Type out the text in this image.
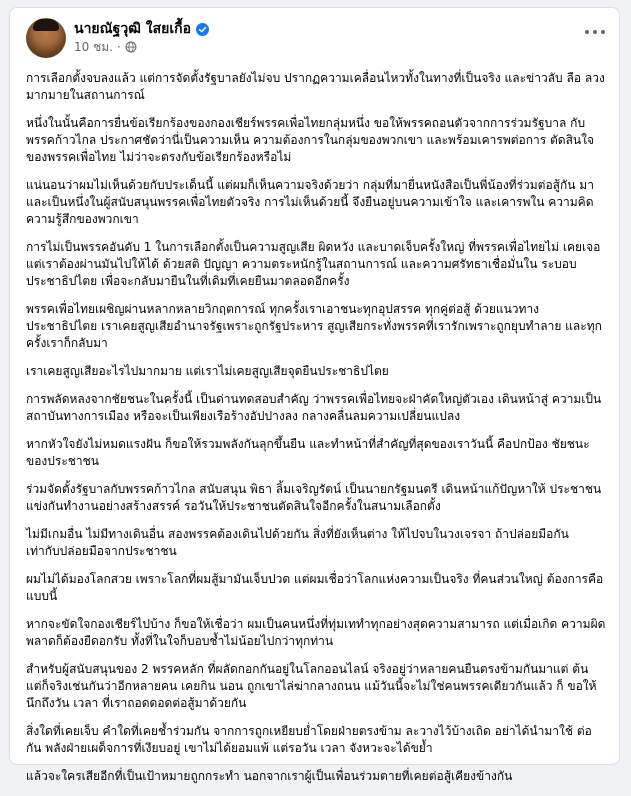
นายณัฐวุฒิ ใสยเกื้อ
10 ชม. ·

การเลือกตั้งจบลงแล้ว แต่การจัดตั้งรัฐบาลยังไม่จบ ปรากฏความเคลื่อนไหวทั้งในทางที่เป็นจริง และข่าวลับ ลือ ลวง มากมายในสถานการณ์

หนึ่งในนั้นคือการยื่นข้อเรียกร้องของกองเชียร์พรรคเพื่อไทยกลุ่มหนึ่ง ขอให้พรรคถอนตัวจากการร่วมรัฐบาล กับพรรคก้าวไกล ประกาศชัดว่านี่เป็นความเห็น ความต้องการในกลุ่มของพวกเขา และพร้อมเคารพต่อการ ตัดสินใจของพรรคเพื่อไทย ไม่ว่าจะตรงกับข้อเรียกร้องหรือไม่

แน่นอนว่าผมไม่เห็นด้วยกับประเด็นนี้ แต่ผมก็เห็นความจริงด้วยว่า กลุ่มที่มายื่นหนังสือเป็นพี่น้องที่ร่วมต่อสู้กัน มา และเป็นหนึ่งในผู้สนับสนุนพรรคเพื่อไทยตัวจริง การไม่เห็นด้วยนี้ จึงยืนอยู่บนความเข้าใจ และเคารพใน ความคิด ความรู้สึกของพวกเขา

การไม่เป็นพรรคอันดับ 1 ในการเลือกตั้งเป็นความสูญเสีย ผิดหวัง และบาดเจ็บครั้งใหญ่ ที่พรรคเพื่อไทยไม่ เคยเจอ แต่เราต้องผ่านมันไปให้ได้ ด้วยสติ ปัญญา ความตระหนักรู้ในสถานการณ์ และความศรัทธาเชื่อมั่นใน ระบอบประชาธิปไตย เพื่อจะกลับมายืนในที่เดิมที่เคยยืนมาตลอดอีกครั้ง

พรรคเพื่อไทยเผชิญผ่านหลากหลายวิกฤตการณ์ ทุกครั้งเราเอาชนะทุกอุปสรรค ทุกคู่ต่อสู้ ด้วยแนวทาง ประชาธิปไตย เราเคยสูญเสียอำนาจรัฐเพราะถูกรัฐประหาร สูญเสียกระทั่งพรรคที่เรารักเพราะถูกยุบทำลาย และทุกครั้งเราก็กลับมา

เราเคยสูญเสียอะไรไปมากมาย แต่เราไม่เคยสูญเสียจุดยืนประชาธิปไตย

การพลัดหลงจากชัยชนะในครั้งนี้ เป็นด่านทดสอบสำคัญ ว่าพรรคเพื่อไทยจะฝ่าคัดใหญ่ตัวเอง เดินหน้าสู่ ความเป็นสถาบันทางการเมือง หรือจะเป็นเพียงเรือร้างอัปปางลง กลางคลื่นลมความเปลี่ยนแปลง

หากหัวใจยังไม่หมดแรงฝัน ก็ขอให้รวมพลังกันลุกขึ้นยืน และทำหน้าที่สำคัญที่สุดของเราวันนี้ คือปกป้อง ชัยชนะของประชาชน

ร่วมจัดตั้งรัฐบาลกับพรรคก้าวไกล สนับสนุน พิธา ลิ้มเจริญรัตน์ เป็นนายกรัฐมนตรี เดินหน้าแก้ปัญหาให้ ประชาชน แข่งกันทำงานอย่างสร้างสรรค์ รอวันให้ประชาชนตัดสินใจอีกครั้งในสนามเลือกตั้ง

ไม่มีเกมอื่น ไม่มีทางเดินอื่น สองพรรคต้องเดินไปด้วยกัน สิ่งที่ยังเห็นต่าง ให้ไปจบในวงเจรจา ถ้าปล่อยมือกัน เท่ากับปล่อยมือจากประชาชน

ผมไม่ได้มองโลกสวย เพราะโลกที่ผมสู้มามันเจ็บปวด แต่ผมเชื่อว่าโลกแห่งความเป็นจริง ที่คนส่วนใหญ่ ต้องการคือแบบนี้

หากจะขัดใจกองเชียร์ไปบ้าง ก็ขอให้เชื่อว่า ผมเป็นคนหนึ่งที่ทุ่มเททำทุกอย่างสุดความสามารถ แต่เมื่อเกิด ความผิดพลาดก็ต้องยืดอกรับ ทั้งที่ในใจก็บอบช้ำไม่น้อยไปกว่าทุกท่าน

สำหรับผู้สนับสนุนของ 2 พรรคหลัก ที่ผลัดกอกกันอยู่ในโลกออนไลน์ จริงอยู่ว่าหลายคนยืนตรงข้ามกันมาแต่ ต้น แต่ก็จริงเช่นกันว่าอีกหลายคน เคยกิน นอน ถูกเขาไล่ฆ่ากลางถนน แม้วันนี้จะไม่ใช่คนพรรคเดียวกันแล้ว ก็ ขอให้นึกถึงวัน เวลา ที่เราถอดดอดต่อสู้มาด้วยกัน

สิ่งใดที่เคยเจ็บ คำใดที่เคยช้ำร่วมกัน จากการถูกเหยียบย่ำโดยฝ่ายตรงข้าม ละวางไว้บ้างเถิด อย่าได้นำมาใช้ ต่อกัน พลังฝ่ายเผด็จการที่เงียบอยู่ เขาไม่ได้ยอมแพ้ แต่รอวัน เวลา จังหวะจะได้ขย้ำ

แล้วจะใครเสียอีกที่เป็นเป้าหมายถูกกระทำ นอกจากเราผู้เป็นเพื่อนร่วมตายที่เคยต่อสู้เคียงข้างกัน
